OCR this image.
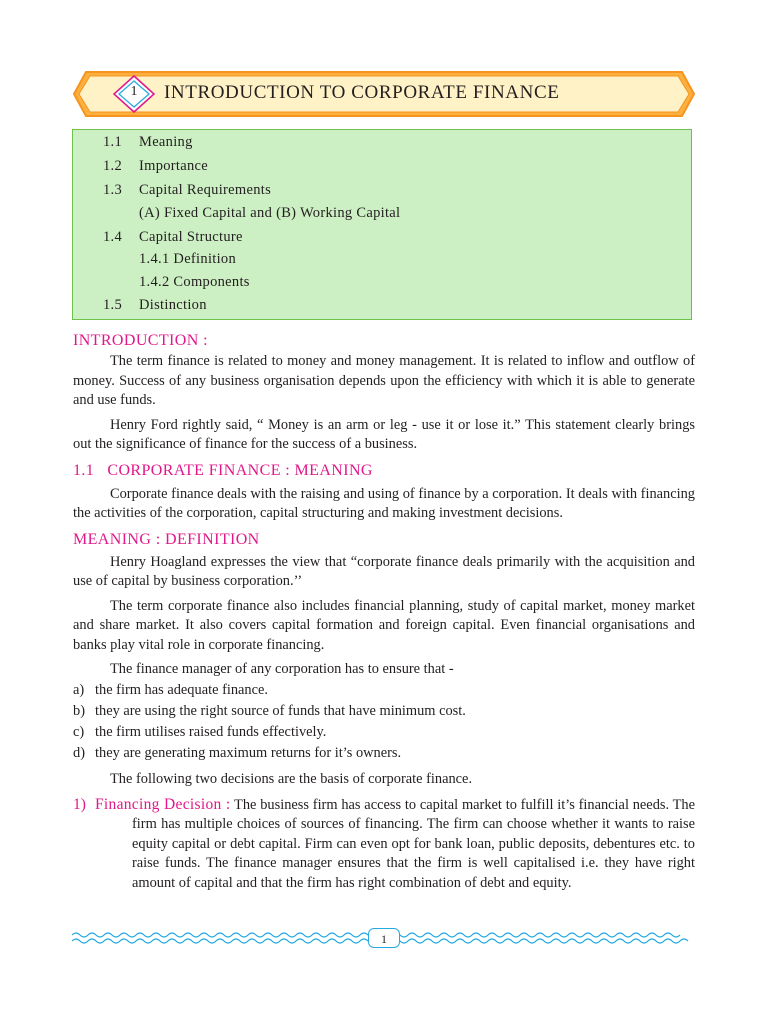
1 INTRODUCTION TO CORPORATE FINANCE
1.1 Meaning
1.2 Importance
1.3 Capital Requirements
(A) Fixed Capital and (B) Working Capital
1.4 Capital Structure
1.4.1 Definition
1.4.2 Components
1.5 Distinction
INTRODUCTION :

The term finance is related to money and money management. It is related to inflow and outflow of money. Success of any business organisation depends upon the efficiency with which it is able to generate and use funds.

Henry Ford rightly said, “ Money is an arm or leg - use it or lose it.” This statement clearly brings out the significance of finance for the success of a business.

1.1   CORPORATE FINANCE : MEANING

Corporate finance deals with the raising and using of finance by a corporation. It deals with financing the activities of the corporation, capital structuring and making investment decisions.

MEANING : DEFINITION

Henry Hoagland expresses the view that “corporate finance deals primarily with the acquisition and use of capital by business corporation.’’

The term corporate finance also includes financial planning, study of capital market, money market and share market. It also covers capital formation and foreign capital. Even financial organisations and banks play vital role in corporate financing.

The finance manager of any corporation has to ensure that -

a) the firm has adequate finance.
b) they are using the right source of funds that have minimum cost.
c) the firm utilises raised funds effectively.
d) they are generating maximum returns for it’s owners.

The following two decisions are the basis of corporate finance.

1) Financing Decision : The business firm has access to capital market to fulfill it’s financial needs. The firm has multiple choices of sources of financing. The firm can choose whether it wants to raise equity capital or debt capital. Firm can even opt for bank loan, public deposits, debentures etc. to raise funds. The finance manager ensures that the firm is well capitalised i.e. they have right amount of capital and that the firm has right combination of debt and equity.
1
